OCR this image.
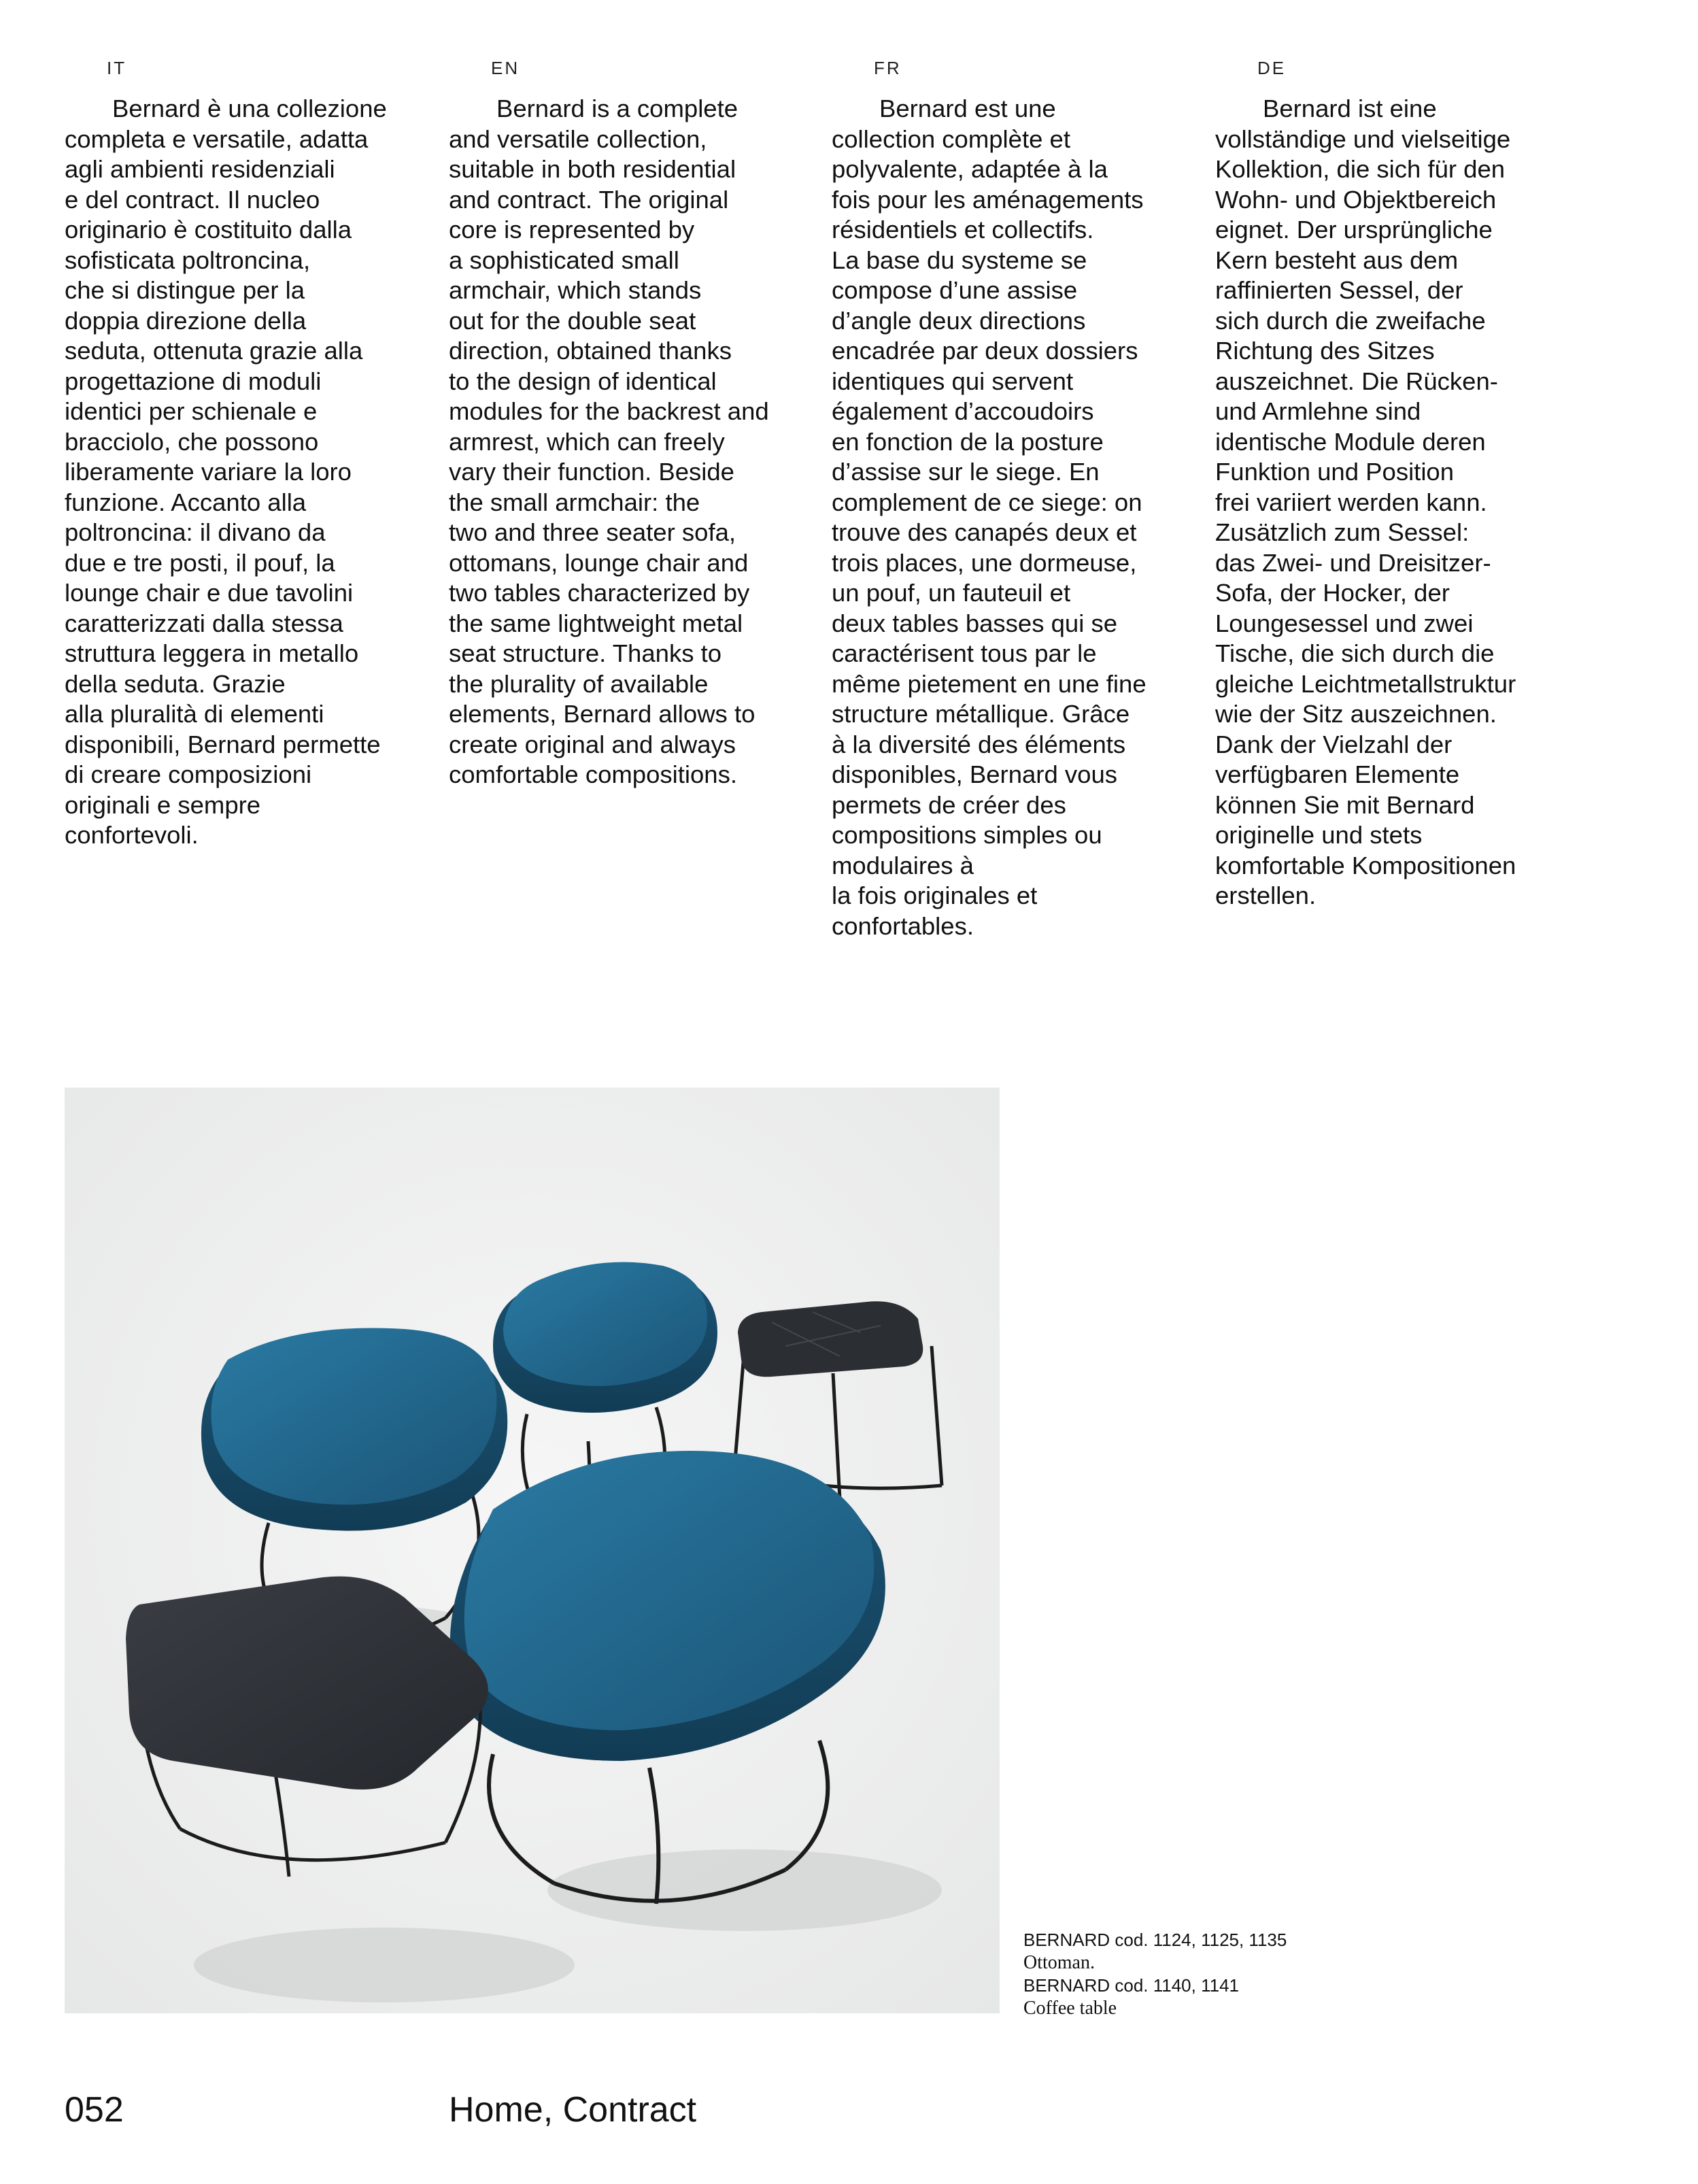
IT

Bernard è una collezione
completa e versatile, adatta
agli ambienti residenziali
e del contract. Il nucleo
originario è costituito dalla
sofisticata poltroncina,
che si distingue per la
doppia direzione della
seduta, ottenuta grazie alla
progettazione di moduli
identici per schienale e
bracciolo, che possono
liberamente variare la loro
funzione. Accanto alla
poltroncina: il divano da
due e tre posti, il pouf, la
lounge chair e due tavolini
caratterizzati dalla stessa
struttura leggera in metallo
della seduta. Grazie
alla pluralità di elementi
disponibili, Bernard permette
di creare composizioni
originali e sempre
confortevoli.

EN

Bernard is a complete
and versatile collection,
suitable in both residential
and contract. The original
core is represented by
a sophisticated small
armchair, which stands
out for the double seat
direction, obtained thanks
to the design of identical
modules for the backrest and
armrest, which can freely
vary their function. Beside
the small armchair: the
two and three seater sofa,
ottomans, lounge chair and
two tables characterized by
the same lightweight metal
seat structure. Thanks to
the plurality of available
elements, Bernard allows to
create original and always
comfortable compositions.

FR

Bernard est une
collection complète et
polyvalente, adaptée à la
fois pour les aménagements
résidentiels et collectifs.
La base du systeme se
compose d’une assise
d’angle deux directions
encadrée par deux dossiers
identiques qui servent
également d’accoudoirs
en fonction de la posture
d’assise sur le siege. En
complement de ce siege: on
trouve des canapés deux et
trois places, une dormeuse,
un pouf, un fauteuil et
deux tables basses qui se
caractérisent tous par le
même pietement en une fine
structure métallique. Grâce
à la diversité des éléments
disponibles, Bernard vous
permets de créer des
compositions simples ou
modulaires à
la fois originales et
confortables.

DE

Bernard ist eine
vollständige und vielseitige
Kollektion, die sich für den
Wohn- und Objektbereich
eignet. Der ursprüngliche
Kern besteht aus dem
raffinierten Sessel, der
sich durch die zweifache
Richtung des Sitzes
auszeichnet. Die Rücken-
und Armlehne sind
identische Module deren
Funktion und Position
frei variiert werden kann.
Zusätzlich zum Sessel:
das Zwei- und Dreisitzer-
Sofa, der Hocker, der
Loungesessel und zwei
Tische, die sich durch die
gleiche Leichtmetallstruktur
wie der Sitz auszeichnen.
Dank der Vielzahl der
verfügbaren Elemente
können Sie mit Bernard
originelle und stets
komfortable Kompositionen
erstellen.

BERNARD cod. 1124, 1125, 1135
Ottoman.
BERNARD cod. 1140, 1141
Coffee table
052	Home, Contract
